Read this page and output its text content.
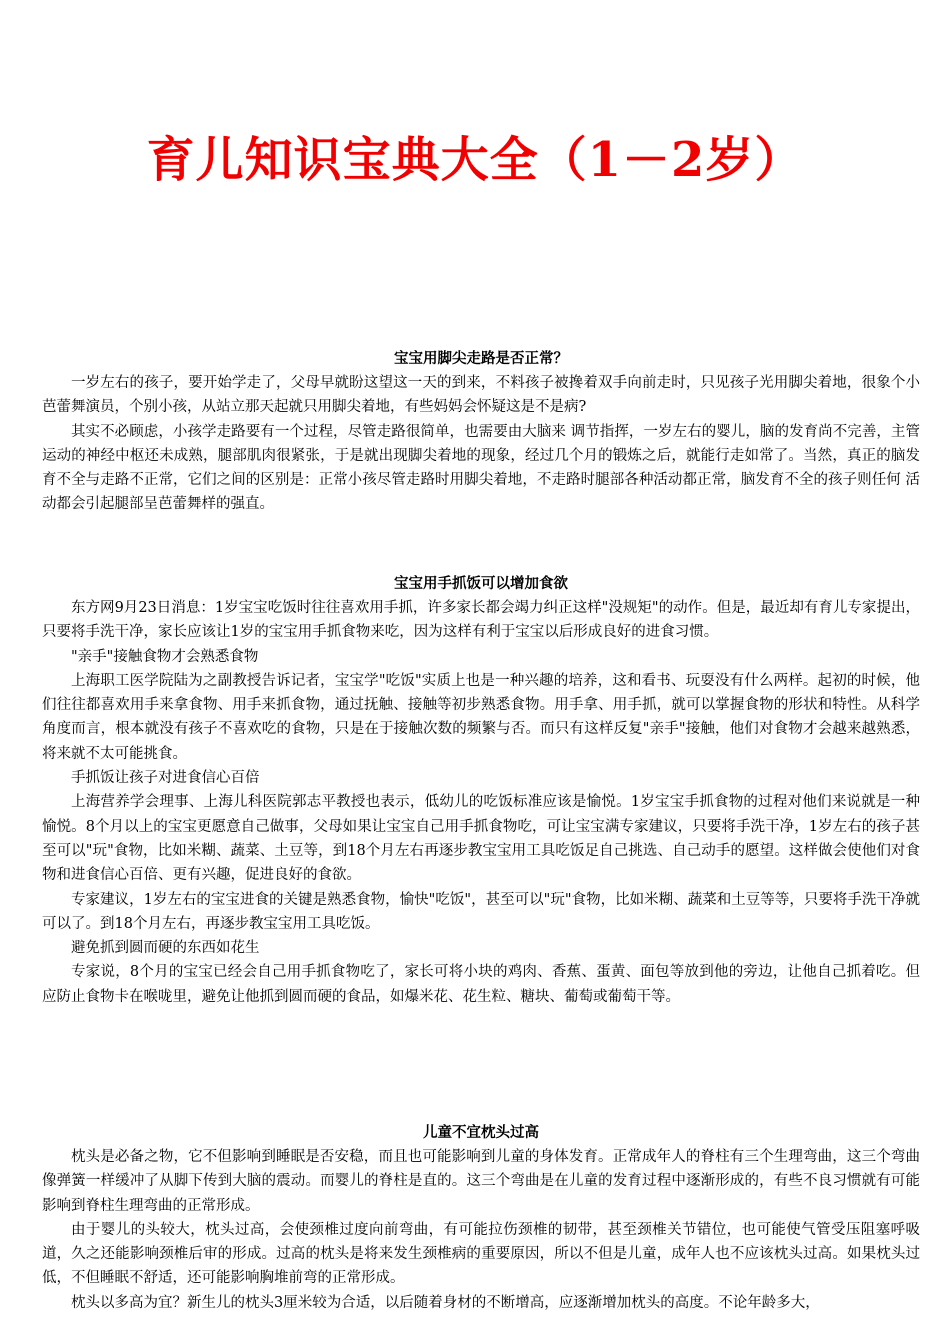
育儿知识宝典大全（1－2岁）
宝宝用脚尖走路是否正常？

一岁左右的孩子，要开始学走了，父母早就盼这望这一天的到来，不料孩子被搀着双手向前走时，只见孩子光用脚尖着地，很象个小芭蕾舞演员，个别小孩，从站立那天起就只用脚尖着地，有些妈妈会怀疑这是不是病?

其实不必顾虑，小孩学走路要有一个过程，尽管走路很简单，也需要由大脑来 调节指挥，一岁左右的婴儿，脑的发育尚不完善，主管运动的神经中枢还未成熟，腿部肌肉很紧张，于是就出现脚尖着地的现象，经过几个月的锻炼之后，就能行走如常了。当然，真正的脑发育不全与走路不正常，它们之间的区别是：正常小孩尽管走路时用脚尖着地，不走路时腿部各种活动都正常，脑发育不全的孩子则任何 活动都会引起腿部呈芭蕾舞样的强直。

宝宝用手抓饭可以增加食欲

东方网9月23日消息：1岁宝宝吃饭时往往喜欢用手抓，许多家长都会竭力纠正这样"没规矩"的动作。但是，最近却有育儿专家提出，只要将手洗干净，家长应该让1岁的宝宝用手抓食物来吃，因为这样有利于宝宝以后形成良好的进食习惯。

"亲手"接触食物才会熟悉食物

上海职工医学院陆为之副教授告诉记者，宝宝学"吃饭"实质上也是一种兴趣的培养，这和看书、玩耍没有什么两样。起初的时候，他们往往都喜欢用手来拿食物、用手来抓食物，通过抚触、接触等初步熟悉食物。用手拿、用手抓，就可以掌握食物的形状和特性。从科学角度而言，根本就没有孩子不喜欢吃的食物，只是在于接触次数的频繁与否。而只有这样反复"亲手"接触，他们对食物才会越来越熟悉，将来就不太可能挑食。

手抓饭让孩子对进食信心百倍

上海营养学会理事、上海儿科医院郭志平教授也表示，低幼儿的吃饭标准应该是愉悦。1岁宝宝手抓食物的过程对他们来说就是一种愉悦。8个月以上的宝宝更愿意自己做事，父母如果让宝宝自己用手抓食物吃，可让宝宝满专家建议，只要将手洗干净，1岁左右的孩子甚至可以"玩"食物，比如米糊、蔬菜、土豆等，到18个月左右再逐步教宝宝用工具吃饭足自己挑选、自己动手的愿望。这样做会使他们对食物和进食信心百倍、更有兴趣，促进良好的食欲。

专家建议，1岁左右的宝宝进食的关键是熟悉食物，愉快"吃饭"，甚至可以"玩"食物，比如米糊、蔬菜和土豆等等，只要将手洗干净就可以了。到18个月左右，再逐步教宝宝用工具吃饭。

避免抓到圆而硬的东西如花生

专家说，8个月的宝宝已经会自己用手抓食物吃了，家长可将小块的鸡肉、香蕉、蛋黄、面包等放到他的旁边，让他自己抓着吃。但应防止食物卡在喉咙里，避免让他抓到圆而硬的食品，如爆米花、花生粒、糖块、葡萄或葡萄干等。

儿童不宜枕头过高

枕头是必备之物，它不但影响到睡眠是否安稳，而且也可能影响到儿童的身体发育。正常成年人的脊柱有三个生理弯曲，这三个弯曲像弹簧一样缓冲了从脚下传到大脑的震动。而婴儿的脊柱是直的。这三个弯曲是在儿童的发育过程中逐渐形成的，有些不良习惯就有可能影响到脊柱生理弯曲的正常形成。

由于婴儿的头较大，枕头过高，会使颈椎过度向前弯曲，有可能拉伤颈椎的韧带，甚至颈椎关节错位，也可能使气管受压阻塞呼吸道，久之还能影响颈椎后审的形成。过高的枕头是将来发生颈椎病的重要原因，所以不但是儿童，成年人也不应该枕头过高。如果枕头过低，不但睡眠不舒适，还可能影响胸堆前弯的正常形成。

枕头以多高为宜？新生儿的枕头3厘米较为合适，以后随着身材的不断增高，应逐渐增加枕头的高度。不论年龄多大，
